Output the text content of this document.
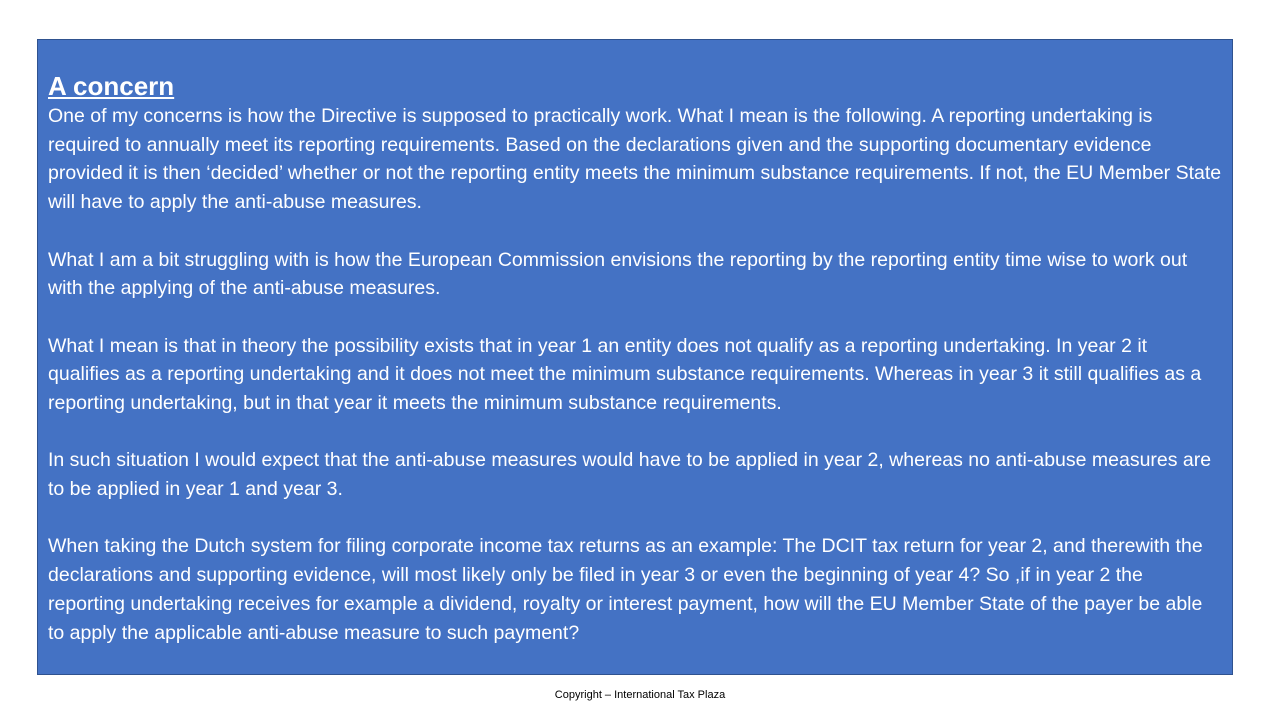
A concern

One of my concerns is how the Directive is supposed to practically work. What I mean is the following. A reporting undertaking is required to annually meet its reporting requirements. Based on the declarations given and the supporting documentary evidence provided it is then ‘decided’ whether or not the reporting entity meets the minimum substance requirements. If not, the EU Member State will have to apply the anti-abuse measures.

What I am a bit struggling with is how the European Commission envisions the reporting by the reporting entity time wise to work out with the applying of the anti-abuse measures.

What I mean is that in theory the possibility exists that in year 1 an entity does not qualify as a reporting undertaking. In year 2 it qualifies as a reporting undertaking and it does not meet the minimum substance requirements. Whereas in year 3 it still qualifies as a reporting undertaking, but in that year it meets the minimum substance requirements.

In such situation I would expect that the anti-abuse measures would have to be applied in year 2, whereas no anti-abuse measures are to be applied in year 1 and year 3.

When taking the Dutch system for filing corporate income tax returns as an example: The DCIT tax return for year 2, and therewith the declarations and supporting evidence, will most likely only be filed in year 3 or even the beginning of year 4? So ,if in year 2 the reporting undertaking receives for example a dividend, royalty or interest payment, how will the EU Member State of the payer be able to apply the applicable anti-abuse measure to such payment?

Copyright – International Tax Plaza
